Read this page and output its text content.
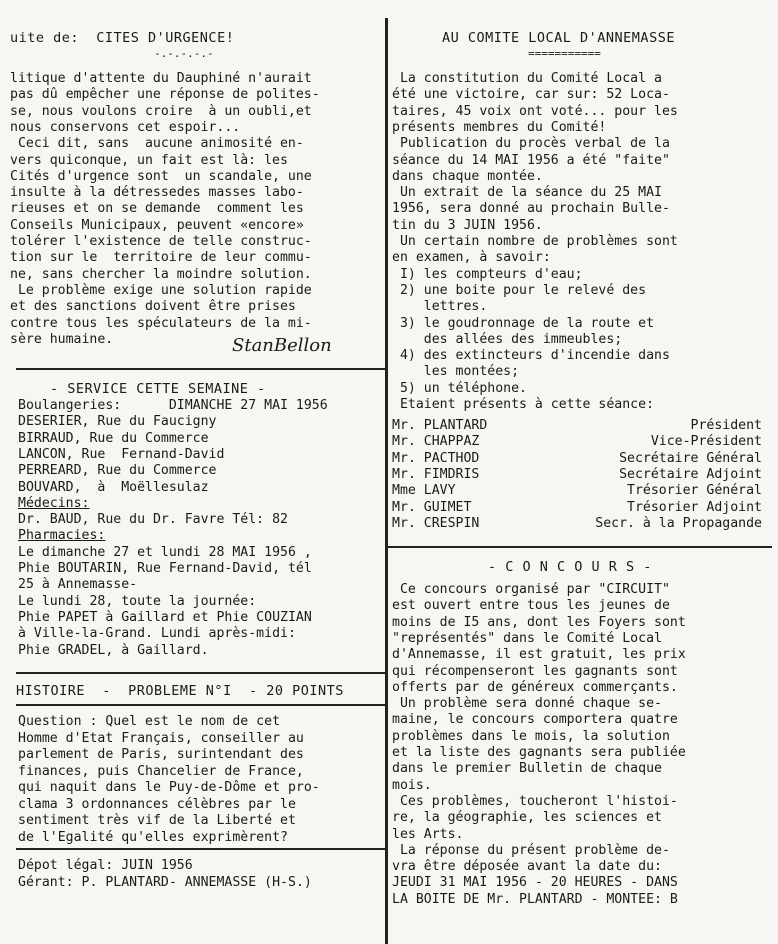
uite de:  CITES D'URGENCE!
-.-.-.-.-
litique d'attente du Dauphiné n'aurait
pas dû empêcher une réponse de polites-
se, nous voulons croire  à un oubli,et
nous conservons cet espoir...
Ceci dit, sans  aucune animosité en-
vers quiconque, un fait est là: les
Cités d'urgence sont  un scandale, une
insulte à la détressedes masses labo-
rieuses et on se demande  comment les
Conseils Municipaux, peuvent «encore»
tolérer l'existence de telle construc-
tion sur le  territoire de leur commu-
ne, sans chercher la moindre solution.
Le problème exige une solution rapide
et des sanctions doivent être prises
contre tous les spéculateurs de la mi-
sère humaine.	StanBellon
- SERVICE CETTE SEMAINE -
Boulangeries:      DIMANCHE 27 MAI 1956
DESERIER, Rue du Faucigny
BIRRAUD, Rue du Commerce
LANCON, Rue  Fernand-David
PERREARD, Rue du Commerce
BOUVARD,  à  Moëllesulaz
Médecins:
Dr. BAUD, Rue du Dr. Favre Tél: 82
Pharmacies:
Le dimanche 27 et lundi 28 MAI 1956 ,
Phie BOUTARIN, Rue Fernand-David, tél
25 à Annemasse-
Le lundi 28, toute la journée:
Phie PAPET à Gaillard et Phie COUZIAN
à Ville-la-Grand. Lundi après-midi:
Phie GRADEL, à Gaillard.
HISTOIRE  -  PROBLEME N°I  - 20 POINTS
Question : Quel est le nom de cet
Homme d'Etat Français, conseiller au
parlement de Paris, surintendant des
finances, puis Chancelier de France,
qui naquit dans le Puy-de-Dôme et pro-
clama 3 ordonnances célèbres par le
sentiment très vif de la Liberté et
de l'Egalité qu'elles exprimèrent?
Dépot légal: JUIN 1956
Gérant: P. PLANTARD- ANNEMASSE (H-S.)
AU COMITE LOCAL D'ANNEMASSE
===========
La constitution du Comité Local a
été une victoire, car sur: 52 Loca-
taires, 45 voix ont voté... pour les
présents membres du Comité!
Publication du procès verbal de la
séance du 14 MAI 1956 a été "faite"
dans chaque montée.
Un extrait de la séance du 25 MAI
1956, sera donné au prochain Bulle-
tin du 3 JUIN 1956.
Un certain nombre de problèmes sont
en examen, à savoir:
I) les compteurs d'eau;
2) une boite pour le relevé des
lettres.
3) le goudronnage de la route et
des allées des immeubles;
4) des extincteurs d'incendie dans
les montées;
5) un téléphone.
Etaient présents à cette séance:
Mr. PLANTARD	Président
Mr. CHAPPAZ	Vice-Président
Mr. PACTHOD	Secrétaire Général
Mr. FIMDRIS	Secrétaire Adjoint
Mme LAVY	Trésorier Général
Mr. GUIMET	Trésorier Adjoint
Mr. CRESPIN	Secr. à la Propagande
- C O N C O U R S -
Ce concours organisé par "CIRCUIT"
est ouvert entre tous les jeunes de
moins de I5 ans, dont les Foyers sont
"représentés" dans le Comité Local
d'Annemasse, il est gratuit, les prix
qui récompenseront les gagnants sont
offerts par de généreux commerçants.
Un problème sera donné chaque se-
maine, le concours comportera quatre
problèmes dans le mois, la solution
et la liste des gagnants sera publiée
dans le premier Bulletin de chaque
mois.
Ces problèmes, toucheront l'histoi-
re, la géographie, les sciences et
les Arts.
La réponse du présent problème de-
vra être déposée avant la date du:
JEUDI 31 MAI 1956 - 20 HEURES - DANS
LA BOITE DE Mr. PLANTARD - MONTEE: B
